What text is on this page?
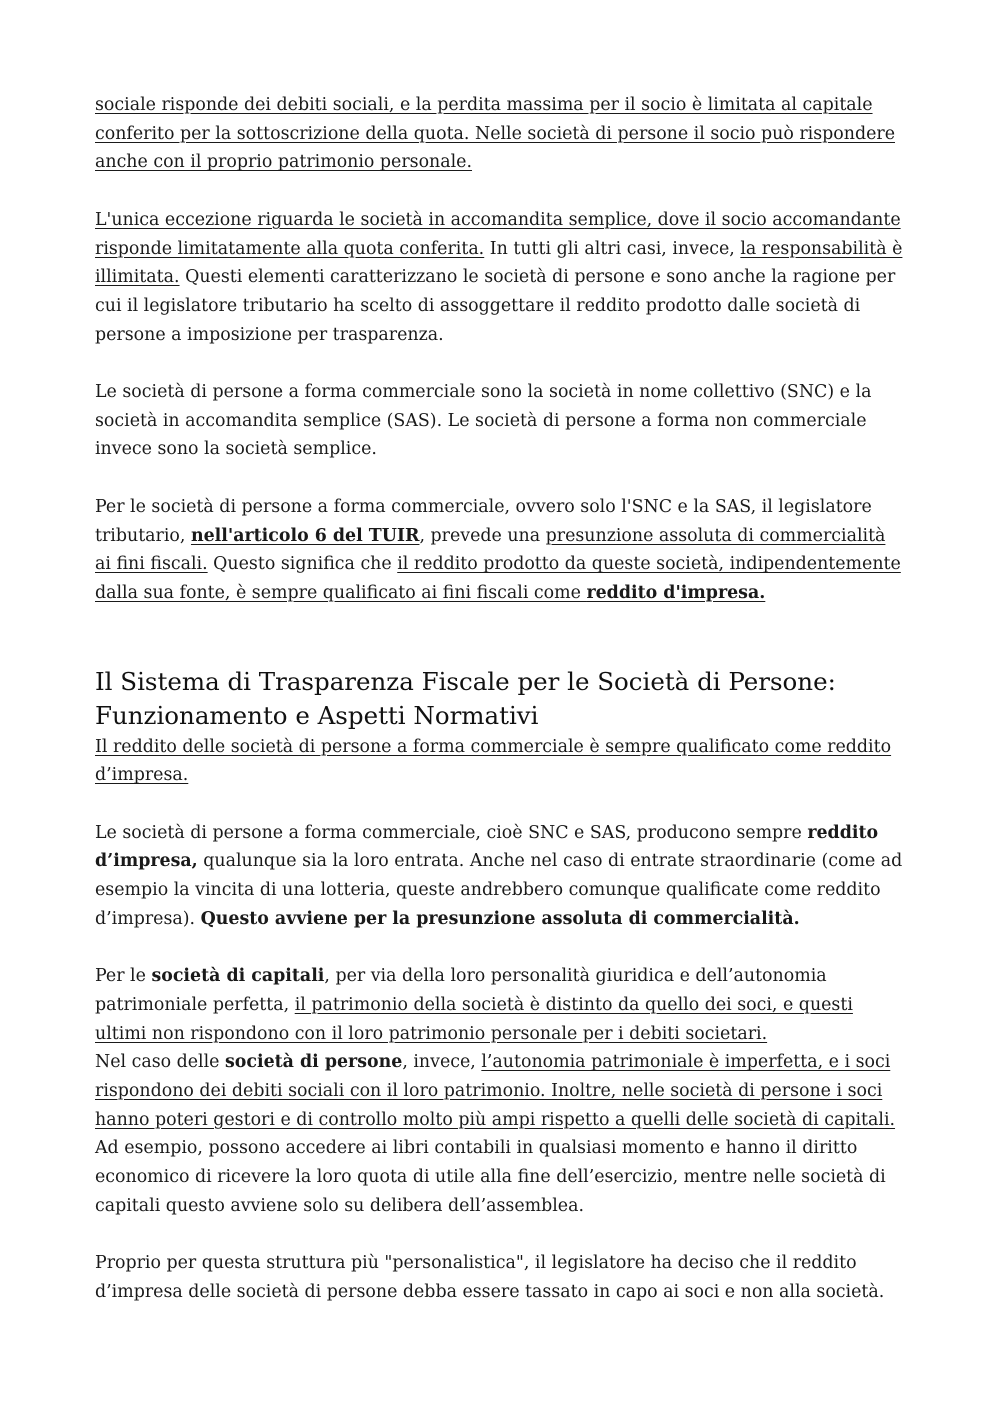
sociale risponde dei debiti sociali, e la perdita massima per il socio è limitata al capitale conferito per la sottoscrizione della quota. Nelle società di persone il socio può rispondere anche con il proprio patrimonio personale.

L'unica eccezione riguarda le società in accomandita semplice, dove il socio accomandante risponde limitatamente alla quota conferita. In tutti gli altri casi, invece, la responsabilità è illimitata. Questi elementi caratterizzano le società di persone e sono anche la ragione per cui il legislatore tributario ha scelto di assoggettare il reddito prodotto dalle società di persone a imposizione per trasparenza.

Le società di persone a forma commerciale sono la società in nome collettivo (SNC) e la società in accomandita semplice (SAS). Le società di persone a forma non commerciale invece sono la società semplice.

Per le società di persone a forma commerciale, ovvero solo l'SNC e la SAS, il legislatore tributario, nell'articolo 6 del TUIR, prevede una presunzione assoluta di commercialità ai fini fiscali. Questo significa che il reddito prodotto da queste società, indipendentemente dalla sua fonte, è sempre qualificato ai fini fiscali come reddito d'impresa.

Il Sistema di Trasparenza Fiscale per le Società di Persone: Funzionamento e Aspetti Normativi

Il reddito delle società di persone a forma commerciale è sempre qualificato come reddito d’impresa.

Le società di persone a forma commerciale, cioè SNC e SAS, producono sempre reddito d’impresa, qualunque sia la loro entrata. Anche nel caso di entrate straordinarie (come ad esempio la vincita di una lotteria, queste andrebbero comunque qualificate come reddito d’impresa). Questo avviene per la presunzione assoluta di commercialità.

Per le società di capitali, per via della loro personalità giuridica e dell’autonomia patrimoniale perfetta, il patrimonio della società è distinto da quello dei soci, e questi ultimi non rispondono con il loro patrimonio personale per i debiti societari.

Nel caso delle società di persone, invece, l’autonomia patrimoniale è imperfetta, e i soci rispondono dei debiti sociali con il loro patrimonio. Inoltre, nelle società di persone i soci hanno poteri gestori e di controllo molto più ampi rispetto a quelli delle società di capitali. Ad esempio, possono accedere ai libri contabili in qualsiasi momento e hanno il diritto economico di ricevere la loro quota di utile alla fine dell’esercizio, mentre nelle società di capitali questo avviene solo su delibera dell’assemblea.

Proprio per questa struttura più "personalistica", il legislatore ha deciso che il reddito d’impresa delle società di persone debba essere tassato in capo ai soci e non alla società.
